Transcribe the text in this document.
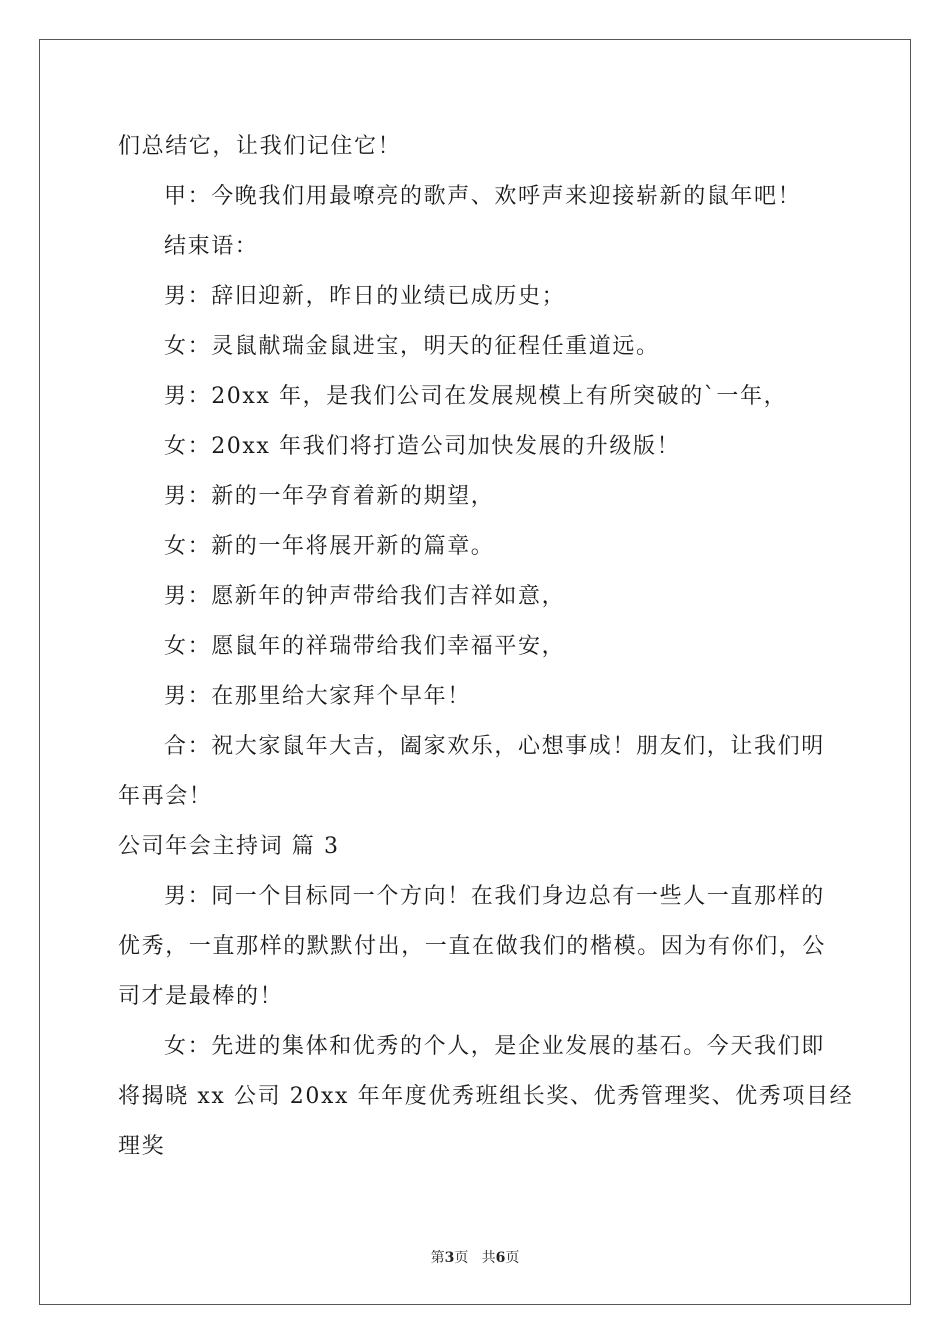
们总结它，让我们记住它！
甲：今晚我们用最嘹亮的歌声、欢呼声来迎接崭新的鼠年吧！
结束语：
男：辞旧迎新，昨日的业绩已成历史；
女：灵鼠献瑞金鼠进宝，明天的征程任重道远。
男：20xx 年，是我们公司在发展规模上有所突破的`一年，
女：20xx 年我们将打造公司加快发展的升级版！
男：新的一年孕育着新的期望，
女：新的一年将展开新的篇章。
男：愿新年的钟声带给我们吉祥如意，
女：愿鼠年的祥瑞带给我们幸福平安，
男：在那里给大家拜个早年！
合：祝大家鼠年大吉，阖家欢乐，心想事成！朋友们，让我们明
年再会！
公司年会主持词 篇 3
男：同一个目标同一个方向！在我们身边总有一些人一直那样的
优秀，一直那样的默默付出，一直在做我们的楷模。因为有你们，公
司才是最棒的！
女：先进的集体和优秀的个人，是企业发展的基石。今天我们即
将揭晓 xx 公司 20xx 年年度优秀班组长奖、优秀管理奖、优秀项目经
理奖
第3页 共6页
